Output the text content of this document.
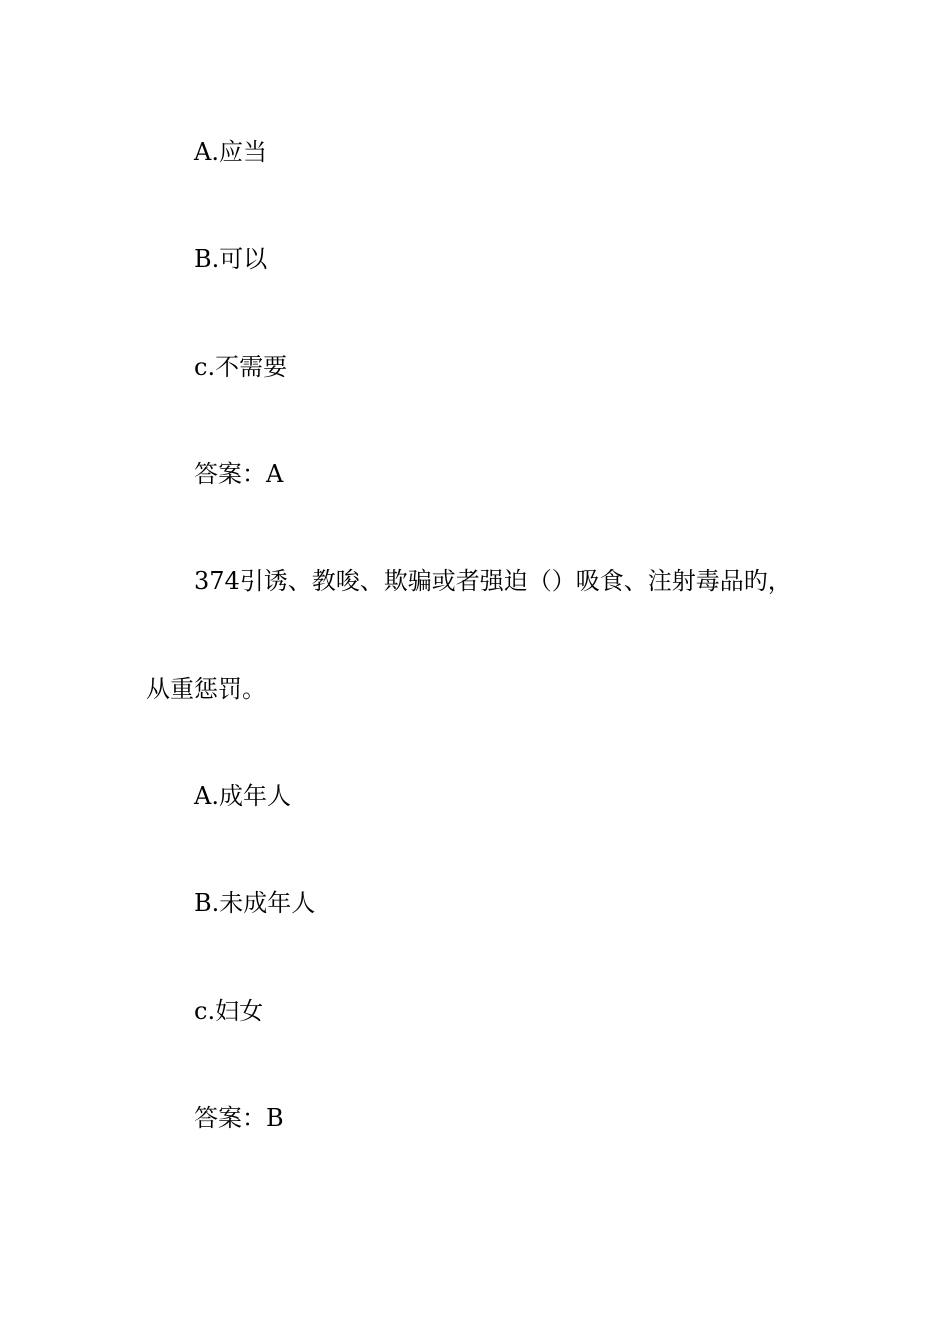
A.应当
B.可以
c.不需要
答案：A
374引诱、教唆、欺骗或者强迫（）吸食、注射毒品旳，
从重惩罚。
A.成年人
B.未成年人
c.妇女
答案：B
